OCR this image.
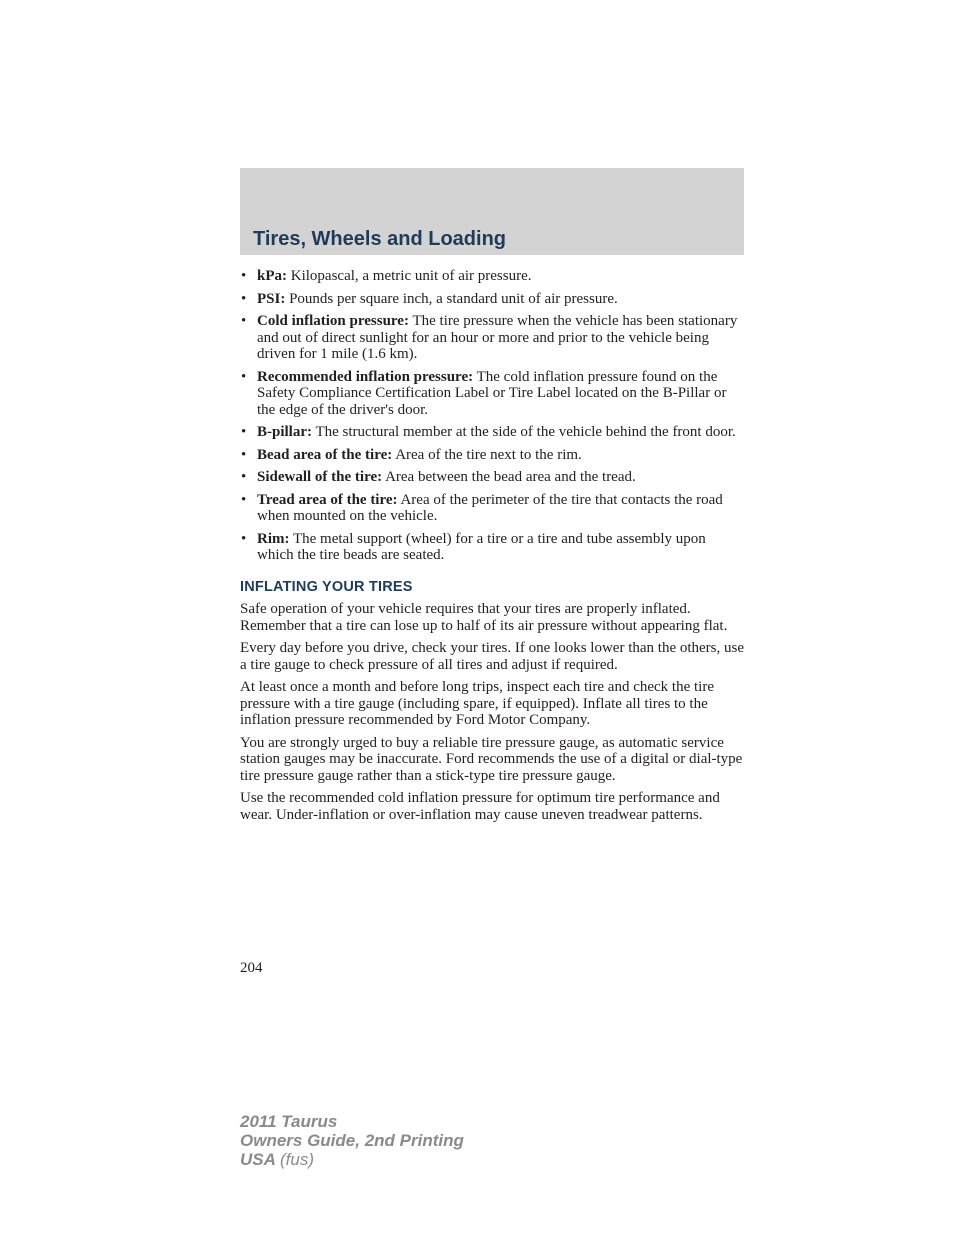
Tires, Wheels and Loading
• kPa: Kilopascal, a metric unit of air pressure.
• PSI: Pounds per square inch, a standard unit of air pressure.
• Cold inflation pressure: The tire pressure when the vehicle has been stationary and out of direct sunlight for an hour or more and prior to the vehicle being driven for 1 mile (1.6 km).
• Recommended inflation pressure: The cold inflation pressure found on the Safety Compliance Certification Label or Tire Label located on the B-Pillar or the edge of the driver's door.
• B-pillar: The structural member at the side of the vehicle behind the front door.
• Bead area of the tire: Area of the tire next to the rim.
• Sidewall of the tire: Area between the bead area and the tread.
• Tread area of the tire: Area of the perimeter of the tire that contacts the road when mounted on the vehicle.
• Rim: The metal support (wheel) for a tire or a tire and tube assembly upon which the tire beads are seated.
INFLATING YOUR TIRES

Safe operation of your vehicle requires that your tires are properly inflated. Remember that a tire can lose up to half of its air pressure without appearing flat.

Every day before you drive, check your tires. If one looks lower than the others, use a tire gauge to check pressure of all tires and adjust if required.

At least once a month and before long trips, inspect each tire and check the tire pressure with a tire gauge (including spare, if equipped). Inflate all tires to the inflation pressure recommended by Ford Motor Company.

You are strongly urged to buy a reliable tire pressure gauge, as automatic service station gauges may be inaccurate. Ford recommends the use of a digital or dial-type tire pressure gauge rather than a stick-type tire pressure gauge.

Use the recommended cold inflation pressure for optimum tire performance and wear. Under-inflation or over-inflation may cause uneven treadwear patterns.

204
2011 Taurus
Owners Guide, 2nd Printing
USA (fus)
